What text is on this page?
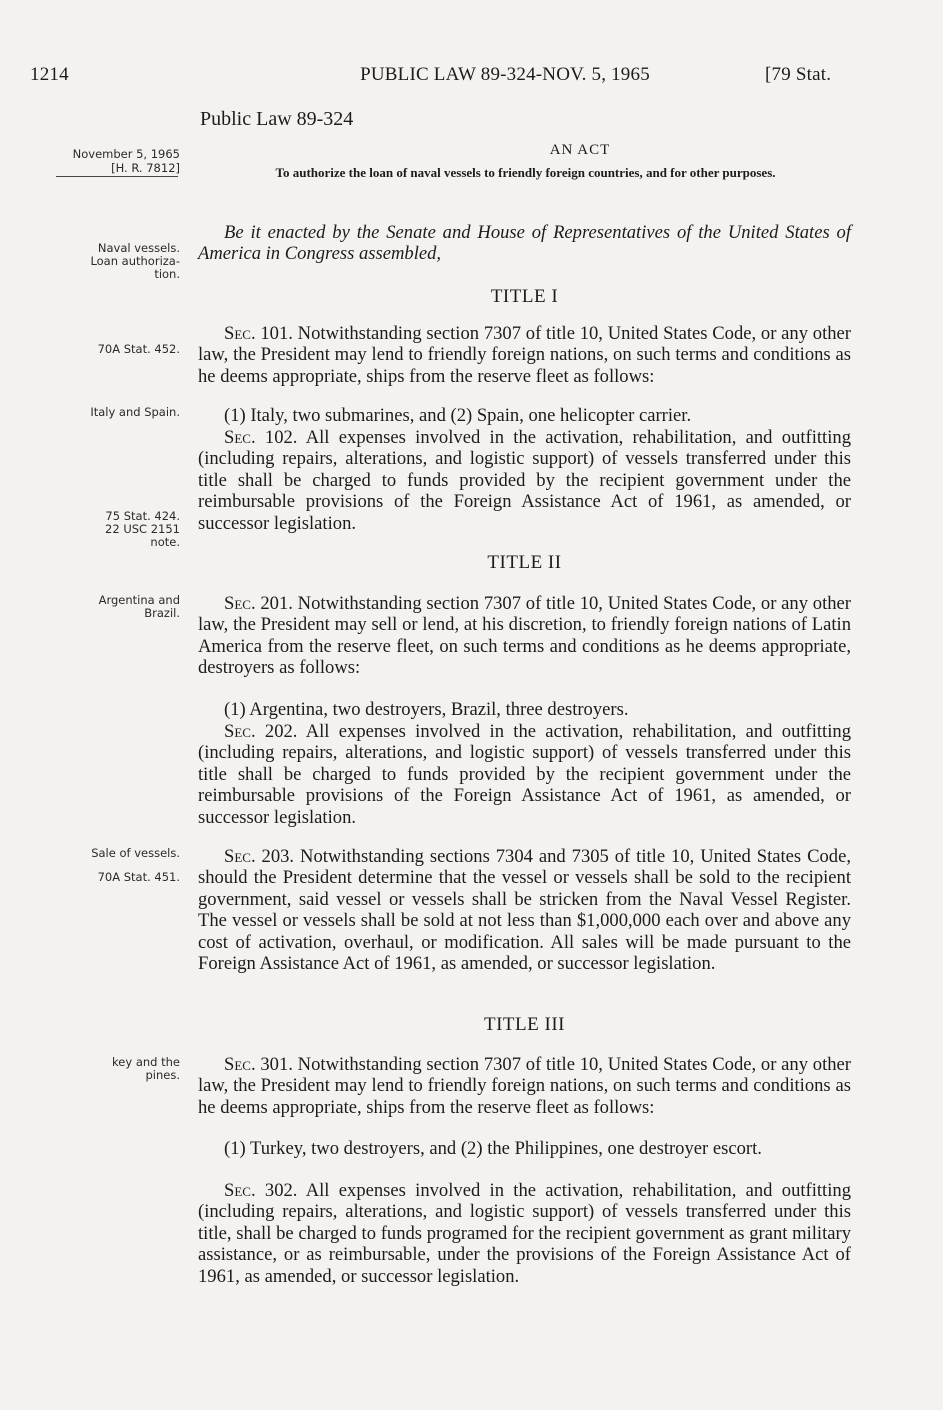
1214	PUBLIC LAW 89-324-NOV. 5, 1965	[79 Stat.
Public Law 89-324
AN ACT
November 5, 1965
[H. R. 7812]	To authorize the loan of naval vessels to friendly foreign countries, and for other purposes.
Be it enacted by the Senate and House of Representatives of the United States of America in Congress assembled,
Naval vessels.
Loan authoriza-
tion.
70A Stat. 452.
Italy and Spain.
75 Stat. 424.
22 USC 2151
note.
Argentina and
Brazil.
Sale of vessels.
70A Stat. 451.
key and the
pines.
TITLE I

Sec. 101. Notwithstanding section 7307 of title 10, United States Code, or any other law, the President may lend to friendly foreign nations, on such terms and conditions as he deems appropriate, ships from the reserve fleet as follows:

(1) Italy, two submarines, and (2) Spain, one helicopter carrier.

Sec. 102. All expenses involved in the activation, rehabilitation, and outfitting (including repairs, alterations, and logistic support) of vessels transferred under this title shall be charged to funds provided by the recipient government under the reimbursable provisions of the Foreign Assistance Act of 1961, as amended, or successor legislation.

TITLE II

Sec. 201. Notwithstanding section 7307 of title 10, United States Code, or any other law, the President may sell or lend, at his discretion, to friendly foreign nations of Latin America from the reserve fleet, on such terms and conditions as he deems appropriate, destroyers as follows:

(1) Argentina, two destroyers, Brazil, three destroyers.

Sec. 202. All expenses involved in the activation, rehabilitation, and outfitting (including repairs, alterations, and logistic support) of vessels transferred under this title shall be charged to funds provided by the recipient government under the reimbursable provisions of the Foreign Assistance Act of 1961, as amended, or successor legislation.

Sec. 203. Notwithstanding sections 7304 and 7305 of title 10, United States Code, should the President determine that the vessel or vessels shall be sold to the recipient government, said vessel or vessels shall be stricken from the Naval Vessel Register. The vessel or vessels shall be sold at not less than $1,000,000 each over and above any cost of activation, overhaul, or modification. All sales will be made pursuant to the Foreign Assistance Act of 1961, as amended, or successor legislation.

TITLE III

Sec. 301. Notwithstanding section 7307 of title 10, United States Code, or any other law, the President may lend to friendly foreign nations, on such terms and conditions as he deems appropriate, ships from the reserve fleet as follows:

(1) Turkey, two destroyers, and (2) the Philippines, one destroyer escort.

Sec. 302. All expenses involved in the activation, rehabilitation, and outfitting (including repairs, alterations, and logistic support) of vessels transferred under this title, shall be charged to funds programed for the recipient government as grant military assistance, or as reimbursable, under the provisions of the Foreign Assistance Act of 1961, as amended, or successor legislation.
